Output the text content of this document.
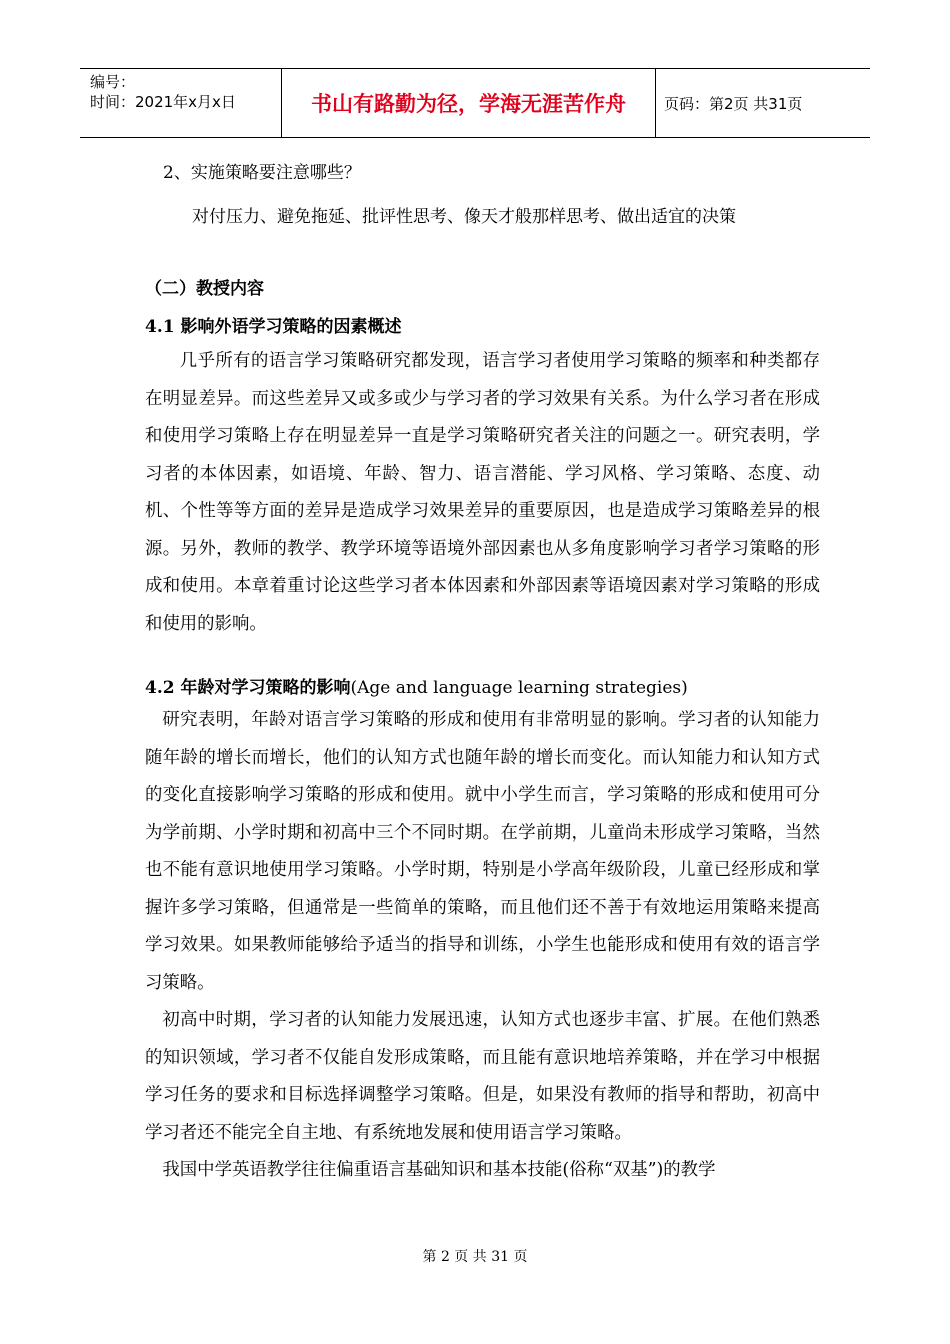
编号：
时间：2021年x月x日	书山有路勤为径，学海无涯苦作舟	页码：第2页 共31页
2、实施策略要注意哪些？
对付压力、避免拖延、批评性思考、像天才般那样思考、做出适宜的决策
（二）教授内容
4.1 影响外语学习策略的因素概述
几乎所有的语言学习策略研究都发现，语言学习者使用学习策略的频率和种类都存在明显差异。而这些差异又或多或少与学习者的学习效果有关系。为什么学习者在形成和使用学习策略上存在明显差异一直是学习策略研究者关注的问题之一。研究表明，学习者的本体因素，如语境、年龄、智力、语言潜能、学习风格、学习策略、态度、动机、个性等等方面的差异是造成学习效果差异的重要原因，也是造成学习策略差异的根源。另外，教师的教学、教学环境等语境外部因素也从多角度影响学习者学习策略的形成和使用。本章着重讨论这些学习者本体因素和外部因素等语境因素对学习策略的形成和使用的影响。
4.2 年龄对学习策略的影响(Age and language learning strategies)
研究表明，年龄对语言学习策略的形成和使用有非常明显的影响。学习者的认知能力随年龄的增长而增长，他们的认知方式也随年龄的增长而变化。而认知能力和认知方式的变化直接影响学习策略的形成和使用。就中小学生而言，学习策略的形成和使用可分为学前期、小学时期和初高中三个不同时期。在学前期，儿童尚未形成学习策略，当然也不能有意识地使用学习策略。小学时期，特别是小学高年级阶段，儿童已经形成和掌握许多学习策略，但通常是一些简单的策略，而且他们还不善于有效地运用策略来提高学习效果。如果教师能够给予适当的指导和训练，小学生也能形成和使用有效的语言学习策略。
初高中时期，学习者的认知能力发展迅速，认知方式也逐步丰富、扩展。在他们熟悉的知识领域，学习者不仅能自发形成策略，而且能有意识地培养策略，并在学习中根据学习任务的要求和目标选择调整学习策略。但是，如果没有教师的指导和帮助，初高中学习者还不能完全自主地、有系统地发展和使用语言学习策略。
我国中学英语教学往往偏重语言基础知识和基本技能(俗称“双基”)的教学
第 2 页 共 31 页
